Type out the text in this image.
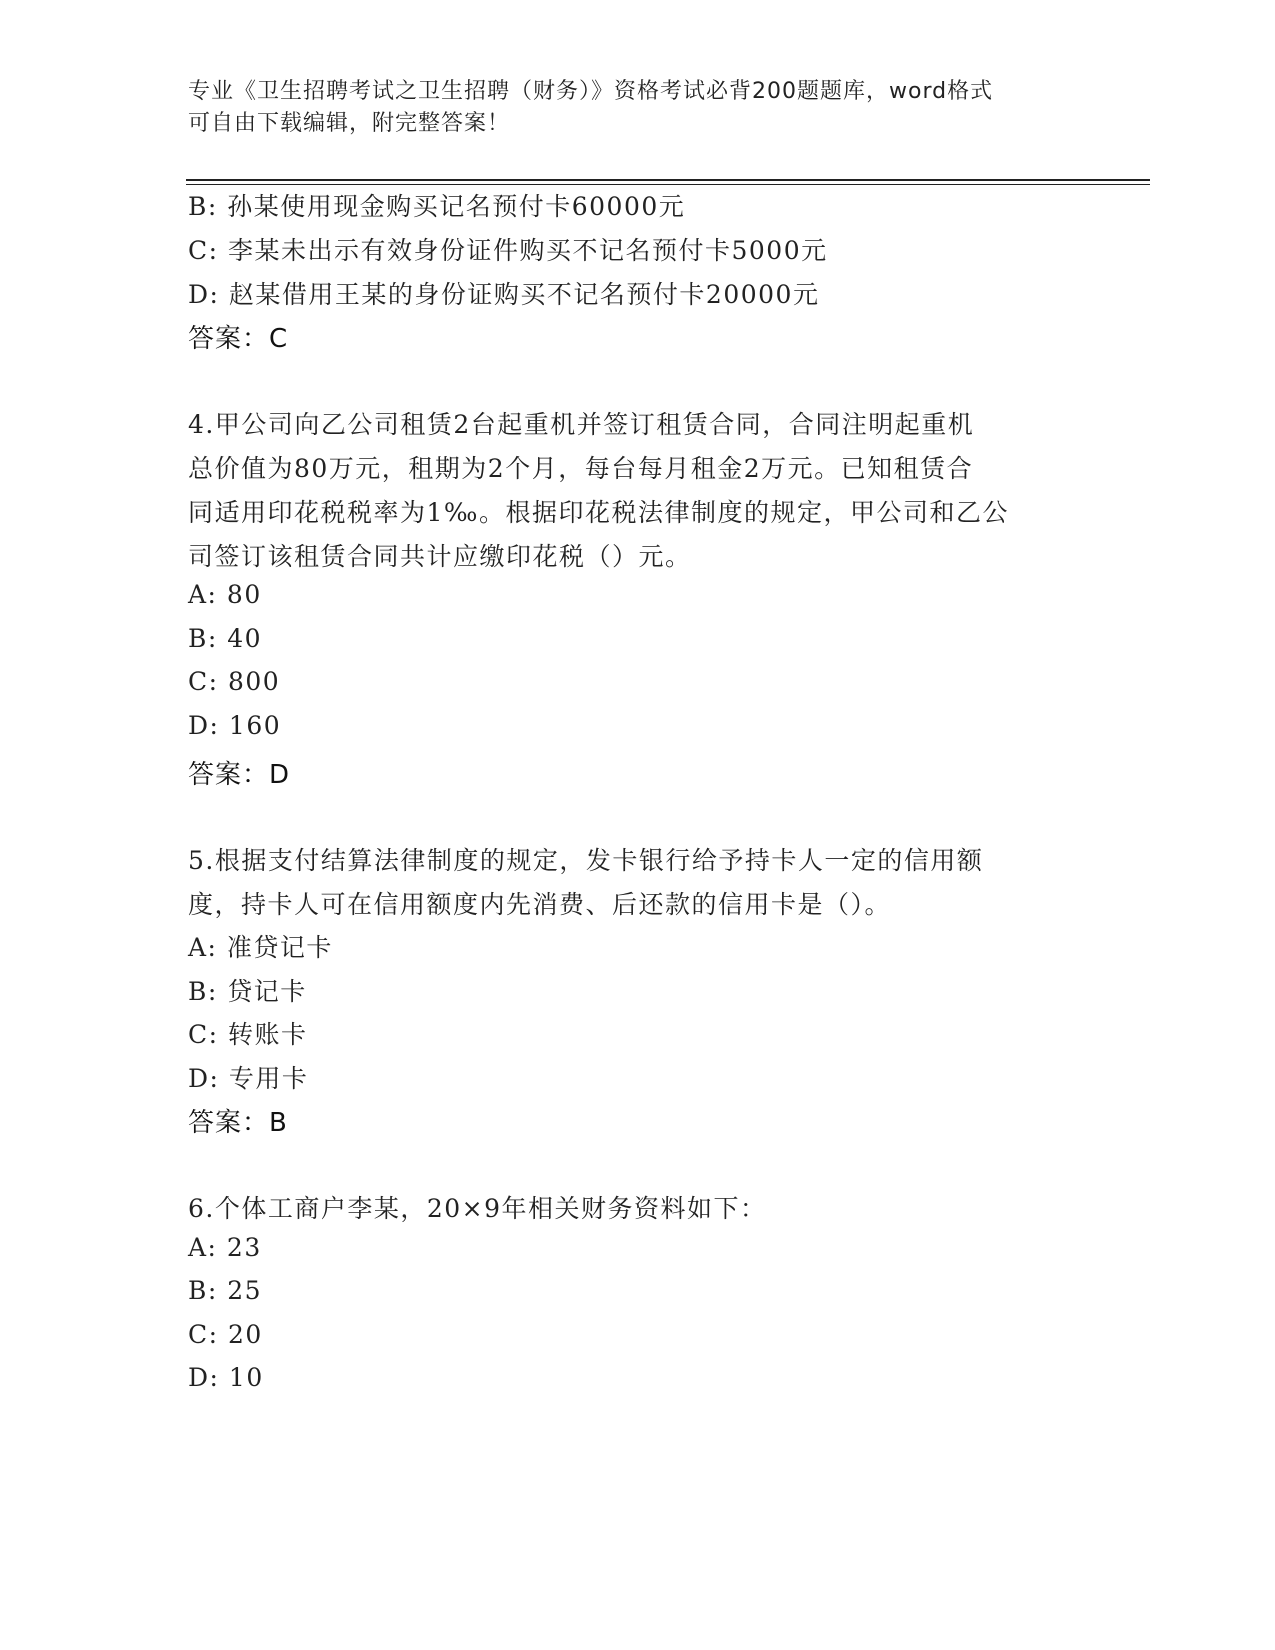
专业《卫生招聘考试之卫生招聘（财务）》资格考试必背200题题库，word格式
可自由下载编辑，附完整答案！
B: 孙某使用现金购买记名预付卡60000元
C: 李某未出示有效身份证件购买不记名预付卡5000元
D: 赵某借用王某的身份证购买不记名预付卡20000元
答案：C
4.甲公司向乙公司租赁2台起重机并签订租赁合同，合同注明起重机
总价值为80万元，租期为2个月，每台每月租金2万元。已知租赁合
同适用印花税税率为1‰。根据印花税法律制度的规定，甲公司和乙公
司签订该租赁合同共计应缴印花税（）元。
A: 80
B: 40
C: 800
D: 160
答案：D
5.根据支付结算法律制度的规定，发卡银行给予持卡人一定的信用额
度，持卡人可在信用额度内先消费、后还款的信用卡是（）。
A: 准贷记卡
B: 贷记卡
C: 转账卡
D: 专用卡
答案：B
6.个体工商户李某，20×9年相关财务资料如下：
A: 23
B: 25
C: 20
D: 10
